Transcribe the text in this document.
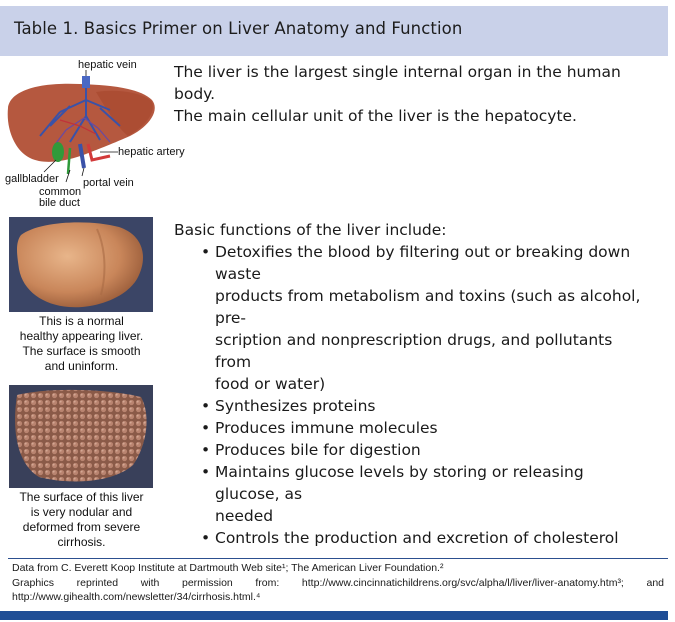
Table 1. Basics Primer on Liver Anatomy and Function
hepatic vein
hepatic artery
gallbladder portal vein
common
bile duct

The liver is the largest single internal organ in the human body.

The main cellular unit of the liver is the hepatocyte.

This is a normal
healthy appearing liver.
The surface is smooth
and uninform.
The surface of this liver
is very nodular and
deformed from severe
cirrhosis.

Basic functions of the liver include:

• Detoxifies the blood by filtering out or breaking down waste
products from metabolism and toxins (such as alcohol, pre-
scription and nonprescription drugs, and pollutants from
food or water)
• Synthesizes proteins
• Produces immune molecules
• Produces bile for digestion
• Maintains glucose levels by storing or releasing glucose, as
needed
• Controls the production and excretion of cholesterol

Data from C. Everett Koop Institute at Dartmouth Web site¹; The American Liver Foundation.²

Graphics reprinted with permission from: http://www.cincinnatichildrens.org/svc/alpha/l/liver/liver-anatomy.htm³; and

http://www.gihealth.com/newsletter/34/cirrhosis.html.⁴
